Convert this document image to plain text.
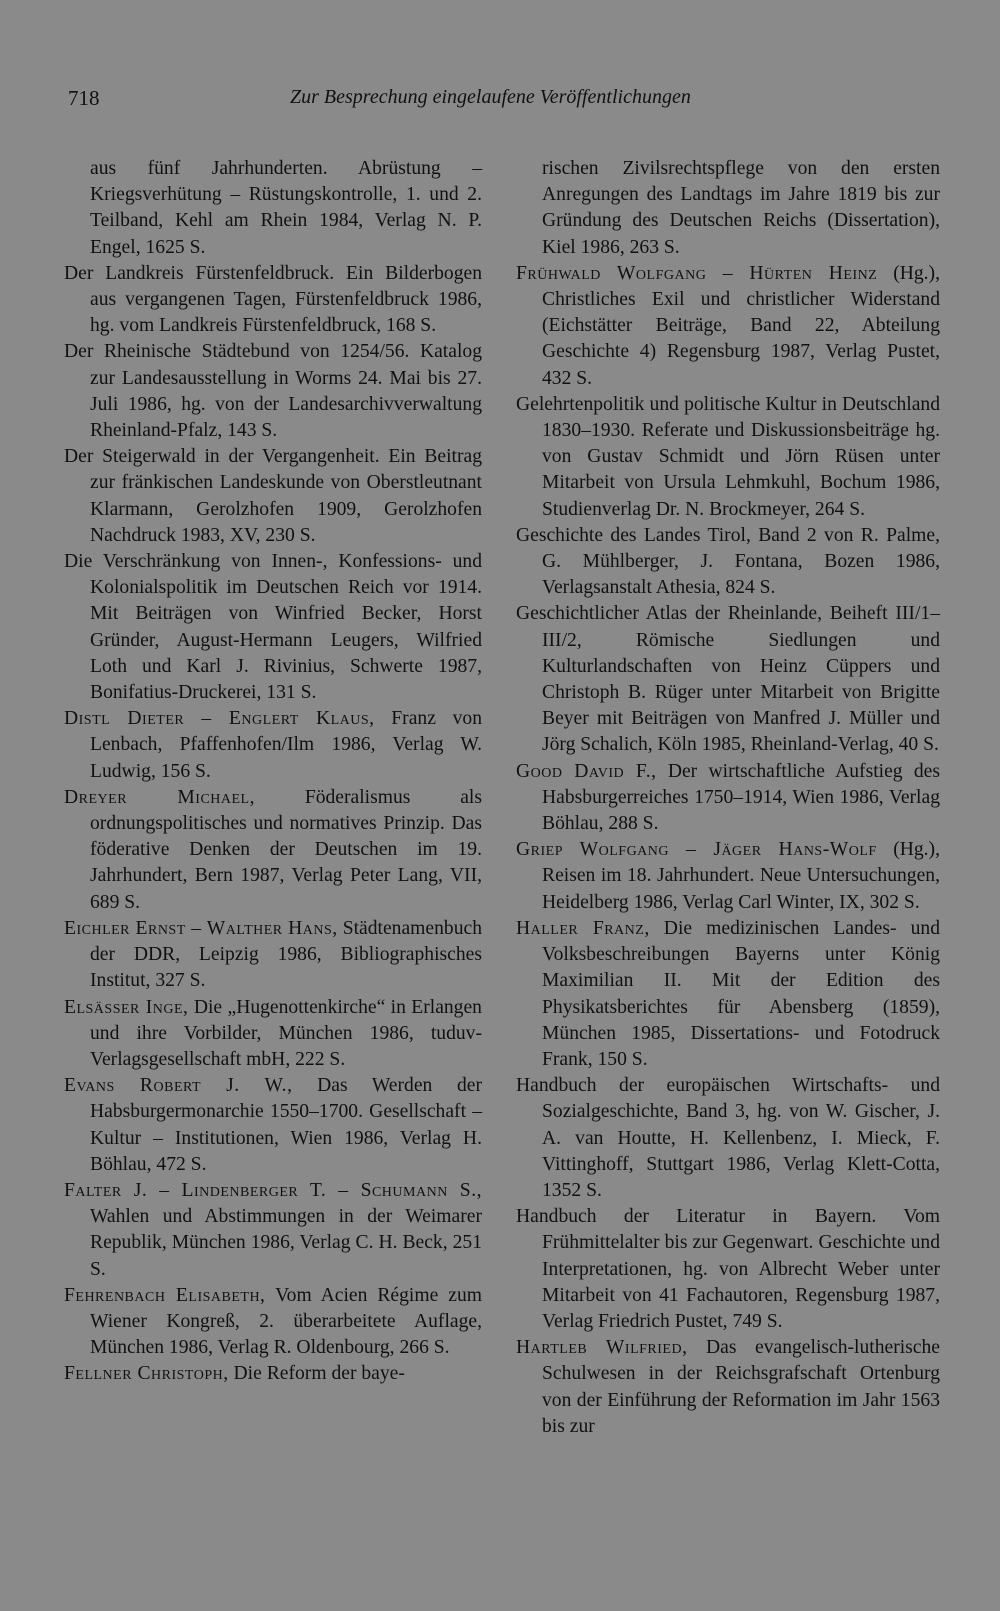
718	Zur Besprechung eingelaufene Veröffentlichungen

aus fünf Jahrhunderten. Abrüstung – Kriegsverhütung – Rüstungskontrolle, 1. und 2. Teilband, Kehl am Rhein 1984, Verlag N. P. Engel, 1625 S.

Der Landkreis Fürstenfeldbruck. Ein Bilderbogen aus vergangenen Tagen, Fürstenfeldbruck 1986, hg. vom Landkreis Fürstenfeldbruck, 168 S.

Der Rheinische Städtebund von 1254/56. Katalog zur Landesausstellung in Worms 24. Mai bis 27. Juli 1986, hg. von der Landesarchivverwaltung Rheinland-Pfalz, 143 S.

Der Steigerwald in der Vergangenheit. Ein Beitrag zur fränkischen Landeskunde von Oberstleutnant Klarmann, Gerolzhofen 1909, Gerolzhofen Nachdruck 1983, XV, 230 S.

Die Verschränkung von Innen-, Konfessions- und Kolonialspolitik im Deutschen Reich vor 1914. Mit Beiträgen von Winfried Becker, Horst Gründer, August-Hermann Leugers, Wilfried Loth und Karl J. Rivinius, Schwerte 1987, Bonifatius-Druckerei, 131 S.

Distl Dieter – Englert Klaus, Franz von Lenbach, Pfaffenhofen/Ilm 1986, Verlag W. Ludwig, 156 S.

Dreyer Michael, Föderalismus als ordnungspolitisches und normatives Prinzip. Das föderative Denken der Deutschen im 19. Jahrhundert, Bern 1987, Verlag Peter Lang, VII, 689 S.

Eichler Ernst – Walther Hans, Städtenamenbuch der DDR, Leipzig 1986, Bibliographisches Institut, 327 S.

Elsässer Inge, Die „Hugenottenkirche“ in Erlangen und ihre Vorbilder, München 1986, tuduv-Verlagsgesellschaft mbH, 222 S.

Evans Robert J. W., Das Werden der Habsburgermonarchie 1550–1700. Gesellschaft – Kultur – Institutionen, Wien 1986, Verlag H. Böhlau, 472 S.

Falter J. – Lindenberger T. – Schumann S., Wahlen und Abstimmungen in der Weimarer Republik, München 1986, Verlag C. H. Beck, 251 S.

Fehrenbach Elisabeth, Vom Acien Régime zum Wiener Kongreß, 2. überarbeitete Auflage, München 1986, Verlag R. Oldenbourg, 266 S.

Fellner Christoph, Die Reform der baye-

rischen Zivilsrechtspflege von den ersten Anregungen des Landtags im Jahre 1819 bis zur Gründung des Deutschen Reichs (Dissertation), Kiel 1986, 263 S.

Frühwald Wolfgang – Hürten Heinz (Hg.), Christliches Exil und christlicher Widerstand (Eichstätter Beiträge, Band 22, Abteilung Geschichte 4) Regensburg 1987, Verlag Pustet, 432 S.

Gelehrtenpolitik und politische Kultur in Deutschland 1830–1930. Referate und Diskussionsbeiträge hg. von Gustav Schmidt und Jörn Rüsen unter Mitarbeit von Ursula Lehmkuhl, Bochum 1986, Studienverlag Dr. N. Brockmeyer, 264 S.

Geschichte des Landes Tirol, Band 2 von R. Palme, G. Mühlberger, J. Fontana, Bozen 1986, Verlagsanstalt Athesia, 824 S.

Geschichtlicher Atlas der Rheinlande, Beiheft III/1–III/2, Römische Siedlungen und Kulturlandschaften von Heinz Cüppers und Christoph B. Rüger unter Mitarbeit von Brigitte Beyer mit Beiträgen von Manfred J. Müller und Jörg Schalich, Köln 1985, Rheinland-Verlag, 40 S.

Good David F., Der wirtschaftliche Aufstieg des Habsburgerreiches 1750–1914, Wien 1986, Verlag Böhlau, 288 S.

Griep Wolfgang – Jäger Hans-Wolf (Hg.), Reisen im 18. Jahrhundert. Neue Untersuchungen, Heidelberg 1986, Verlag Carl Winter, IX, 302 S.

Haller Franz, Die medizinischen Landes- und Volksbeschreibungen Bayerns unter König Maximilian II. Mit der Edition des Physikatsberichtes für Abensberg (1859), München 1985, Dissertations- und Fotodruck Frank, 150 S.

Handbuch der europäischen Wirtschafts- und Sozialgeschichte, Band 3, hg. von W. Gischer, J. A. van Houtte, H. Kellenbenz, I. Mieck, F. Vittinghoff, Stuttgart 1986, Verlag Klett-Cotta, 1352 S.

Handbuch der Literatur in Bayern. Vom Frühmittelalter bis zur Gegenwart. Geschichte und Interpretationen, hg. von Albrecht Weber unter Mitarbeit von 41 Fachautoren, Regensburg 1987, Verlag Friedrich Pustet, 749 S.

Hartleb Wilfried, Das evangelisch-lutherische Schulwesen in der Reichsgrafschaft Ortenburg von der Einführung der Reformation im Jahr 1563 bis zur
